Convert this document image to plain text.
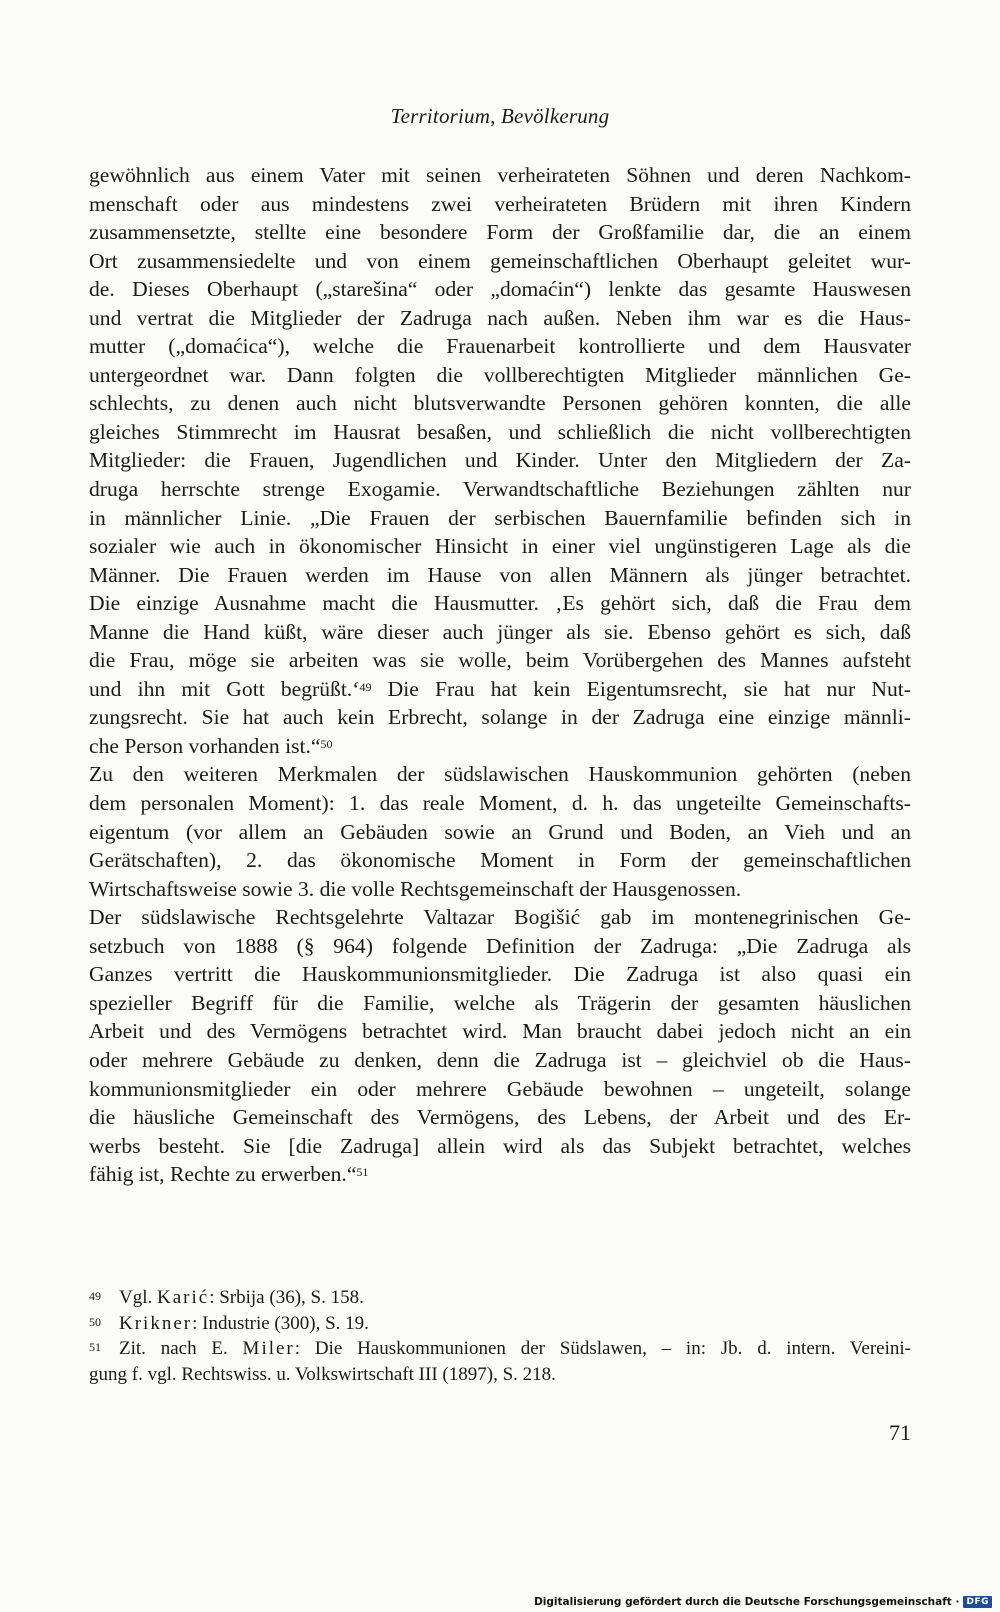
Territorium, Bevölkerung
gewöhnlich aus einem Vater mit seinen verheirateten Söhnen und deren Nachkom-
menschaft oder aus mindestens zwei verheirateten Brüdern mit ihren Kindern
zusammensetzte, stellte eine besondere Form der Großfamilie dar, die an einem
Ort zusammensiedelte und von einem gemeinschaftlichen Oberhaupt geleitet wur-
de. Dieses Oberhaupt („starešina“ oder „domaćin“) lenkte das gesamte Hauswesen
und vertrat die Mitglieder der Zadruga nach außen. Neben ihm war es die Haus-
mutter („domaćica“), welche die Frauenarbeit kontrollierte und dem Hausvater
untergeordnet war. Dann folgten die vollberechtigten Mitglieder männlichen Ge-
schlechts, zu denen auch nicht blutsverwandte Personen gehören konnten, die alle
gleiches Stimmrecht im Hausrat besaßen, und schließlich die nicht vollberechtigten
Mitglieder: die Frauen, Jugendlichen und Kinder. Unter den Mitgliedern der Za-
druga herrschte strenge Exogamie. Verwandtschaftliche Beziehungen zählten nur
in männlicher Linie. „Die Frauen der serbischen Bauernfamilie befinden sich in
sozialer wie auch in ökonomischer Hinsicht in einer viel ungünstigeren Lage als die
Männer. Die Frauen werden im Hause von allen Männern als jünger betrachtet.
Die einzige Ausnahme macht die Hausmutter. ‚Es gehört sich, daß die Frau dem
Manne die Hand küßt, wäre dieser auch jünger als sie. Ebenso gehört es sich, daß
die Frau, möge sie arbeiten was sie wolle, beim Vorübergehen des Mannes aufsteht
und ihn mit Gott begrüßt.‘$^{49}$ Die Frau hat kein Eigentumsrecht, sie hat nur Nut-
zungsrecht. Sie hat auch kein Erbrecht, solange in der Zadruga eine einzige männli-
che Person vorhanden ist.“$^{50}$
Zu den weiteren Merkmalen der südslawischen Hauskommunion gehörten (neben
dem personalen Moment): 1. das reale Moment, d. h. das ungeteilte Gemeinschafts-
eigentum (vor allem an Gebäuden sowie an Grund und Boden, an Vieh und an
Gerätschaften), 2. das ökonomische Moment in Form der gemeinschaftlichen
Wirtschaftsweise sowie 3. die volle Rechtsgemeinschaft der Hausgenossen.
Der südslawische Rechtsgelehrte Valtazar Bogišić gab im montenegrinischen Ge-
setzbuch von 1888 (§ 964) folgende Definition der Zadruga: „Die Zadruga als
Ganzes vertritt die Hauskommunionsmitglieder. Die Zadruga ist also quasi ein
spezieller Begriff für die Familie, welche als Trägerin der gesamten häuslichen
Arbeit und des Vermögens betrachtet wird. Man braucht dabei jedoch nicht an ein
oder mehrere Gebäude zu denken, denn die Zadruga ist – gleichviel ob die Haus-
kommunionsmitglieder ein oder mehrere Gebäude bewohnen – ungeteilt, solange
die häusliche Gemeinschaft des Vermögens, des Lebens, der Arbeit und des Er-
werbs besteht. Sie [die Zadruga] allein wird als das Subjekt betrachtet, welches
fähig ist, Rechte zu erwerben.“$^{51}$
49 Vgl. Karić: Srbija (36), S. 158.
50 Krikner: Industrie (300), S. 19.
51 Zit. nach E. Miler: Die Hauskommunionen der Südslawen, – in: Jb. d. intern. Vereini-
gung f. vgl. Rechtswiss. u. Volkswirtschaft III (1897), S. 218.
71
Digitalisierung gefördert durch die Deutsche Forschungsgemeinschaft · DFG
